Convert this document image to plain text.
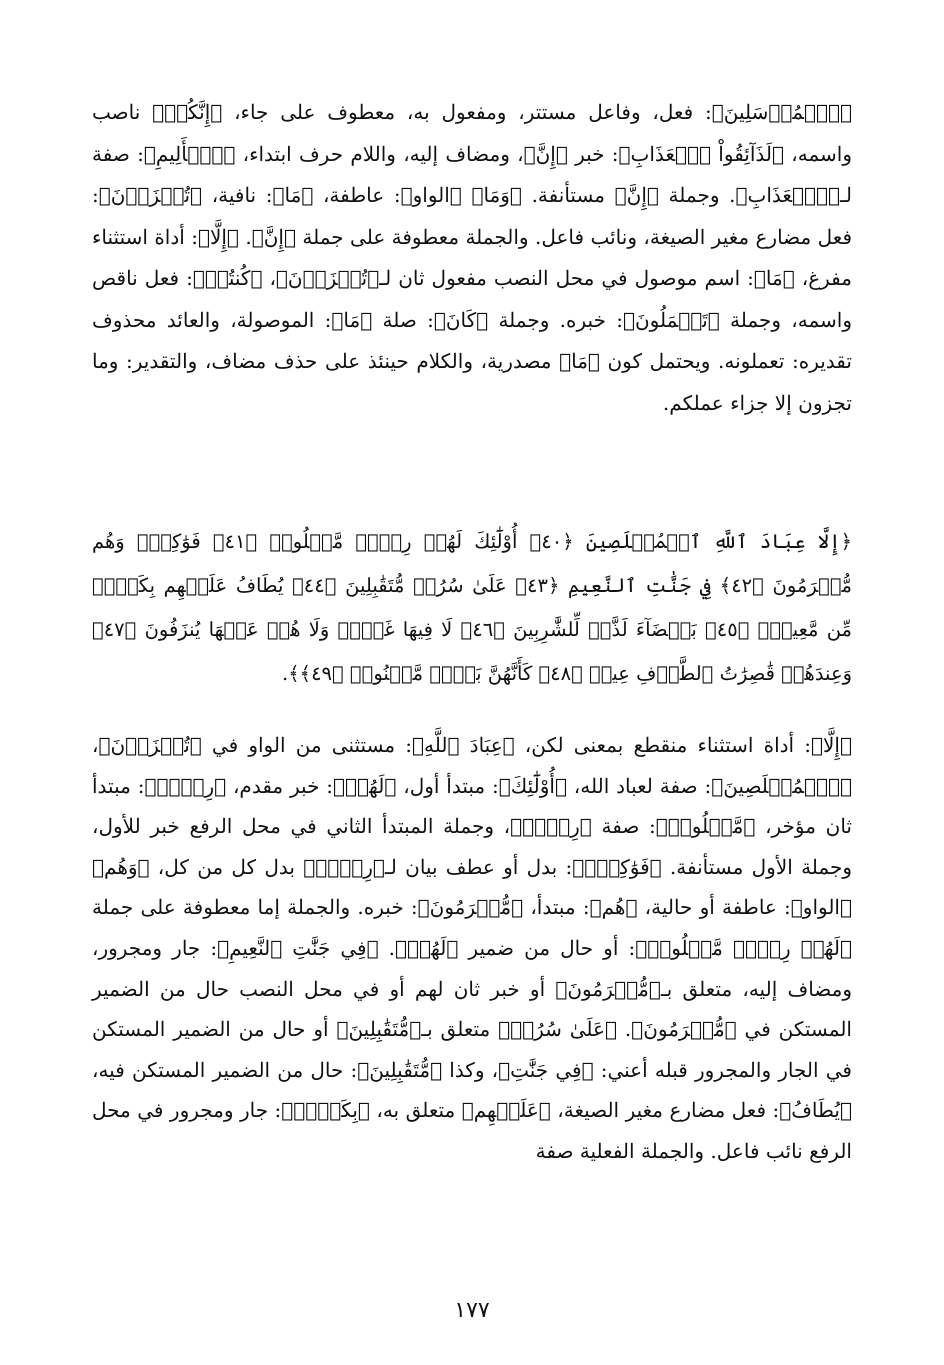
﴿ٱلۡمُرۡسَلِينَ﴾: فعل، وفاعل مستتر، ومفعول به، معطوف على جاء، ﴿إِنَّكُمۡ﴾ ناصب واسمه، ﴿لَذَآئِقُواْ ٱلۡعَذَابِ﴾: خبر ﴿إِنَّ﴾، ومضاف إليه، واللام حرف ابتداء، ﴿ٱلۡأَلِيمِ﴾: صفة لـ﴿ٱلۡعَذَابِ﴾. وجملة ﴿إِنَّ﴾ مستأنفة. ﴿وَمَا﴾ ﴿الواو﴾: عاطفة، ﴿مَا﴾: نافية، ﴿تُجۡزَوۡنَ﴾: فعل مضارع مغير الصيغة، ونائب فاعل. والجملة معطوفة على جملة ﴿إِنَّ﴾. ﴿إِلَّا﴾: أداة استثناء مفرغ، ﴿مَا﴾: اسم موصول في محل النصب مفعول ثان لـ﴿تُجۡزَوۡنَ﴾، ﴿كُنتُمۡ﴾: فعل ناقص واسمه، وجملة ﴿تَعۡمَلُونَ﴾: خبره. وجملة ﴿كَانَ﴾: صلة ﴿مَا﴾: الموصولة، والعائد محذوف تقديره: تعملونه. ويحتمل كون ﴿مَا﴾ مصدرية، والكلام حينئذ على حذف مضاف، والتقدير: وما تجزون إلا جزاء عملكم.

﴿إِلَّا عِبَادَ ٱللَّهِ ٱلۡمُخۡلَصِينَ ﴿٤٠﴾ أُوْلَٰٓئِكَ لَهُمۡ رِزۡقٞ مَّعۡلُومٞ ﴿٤١﴾ فَوَٰكِهُۖ وَهُم مُّكۡرَمُونَ ﴿٤٢﴾ فِي جَنَّٰتِ ٱلنَّعِيمِ ﴿٤٣﴾ عَلَىٰ سُرُرٖ مُّتَقَٰبِلِينَ ﴿٤٤﴾ يُطَافُ عَلَيۡهِم بِكَأۡسٖ مِّن مَّعِينِۭ ﴿٤٥﴾ بَيۡضَآءَ لَذَّةٖ لِّلشَّٰرِبِينَ ﴿٤٦﴾ لَا فِيهَا غَوۡلٞ وَلَا هُمۡ عَنۡهَا يُنزَفُونَ ﴿٤٧﴾ وَعِندَهُمۡ قَٰصِرَٰتُ ٱلطَّرۡفِ عِينٞ ﴿٤٨﴾ كَأَنَّهُنَّ بَيۡضٞ مَّكۡنُونٞ ﴿٤٩﴾﴾.

﴿إِلَّا﴾: أداة استثناء منقطع بمعنى لكن، ﴿عِبَادَ ٱللَّهِ﴾: مستثنى من الواو في ﴿تُجۡزَوۡنَ﴾، ﴿ٱلۡمُخۡلَصِينَ﴾: صفة لعباد الله، ﴿أُوْلَٰٓئِكَ﴾: مبتدأ أول، ﴿لَهُمۡ﴾: خبر مقدم، ﴿رِزۡقٞ﴾: مبتدأ ثان مؤخر، ﴿مَّعۡلُومٞ﴾: صفة ﴿رِزۡقٞ﴾، وجملة المبتدأ الثاني في محل الرفع خبر للأول، وجملة الأول مستأنفة. ﴿فَوَٰكِهُۖ﴾: بدل أو عطف بيان لـ﴿رِزۡقٞ﴾ بدل كل من كل، ﴿وَهُم﴾ ﴿الواو﴾: عاطفة أو حالية، ﴿هُم﴾: مبتدأ، ﴿مُّكۡرَمُونَ﴾: خبره. والجملة إما معطوفة على جملة ﴿لَهُمۡ رِزۡقٞ مَّعۡلُومٞ﴾: أو حال من ضمير ﴿لَهُمۡ﴾. ﴿فِي جَنَّٰتِ ٱلنَّعِيمِ﴾: جار ومجرور، ومضاف إليه، متعلق بـ﴿مُّكۡرَمُونَ﴾ أو خبر ثان لهم أو في محل النصب حال من الضمير المستكن في ﴿مُّكۡرَمُونَ﴾. ﴿عَلَىٰ سُرُرٖ﴾ متعلق بـ﴿مُّتَقَٰبِلِينَ﴾ أو حال من الضمير المستكن في الجار والمجرور قبله أعني: ﴿فِي جَنَّٰتِ﴾، وكذا ﴿مُّتَقَٰبِلِينَ﴾: حال من الضمير المستكن فيه، ﴿يُطَافُ﴾: فعل مضارع مغير الصيغة، ﴿عَلَيۡهِم﴾ متعلق به، ﴿بِكَأۡسٖ﴾: جار ومجرور في محل الرفع نائب فاعل. والجملة الفعلية صفة

١٧٧
